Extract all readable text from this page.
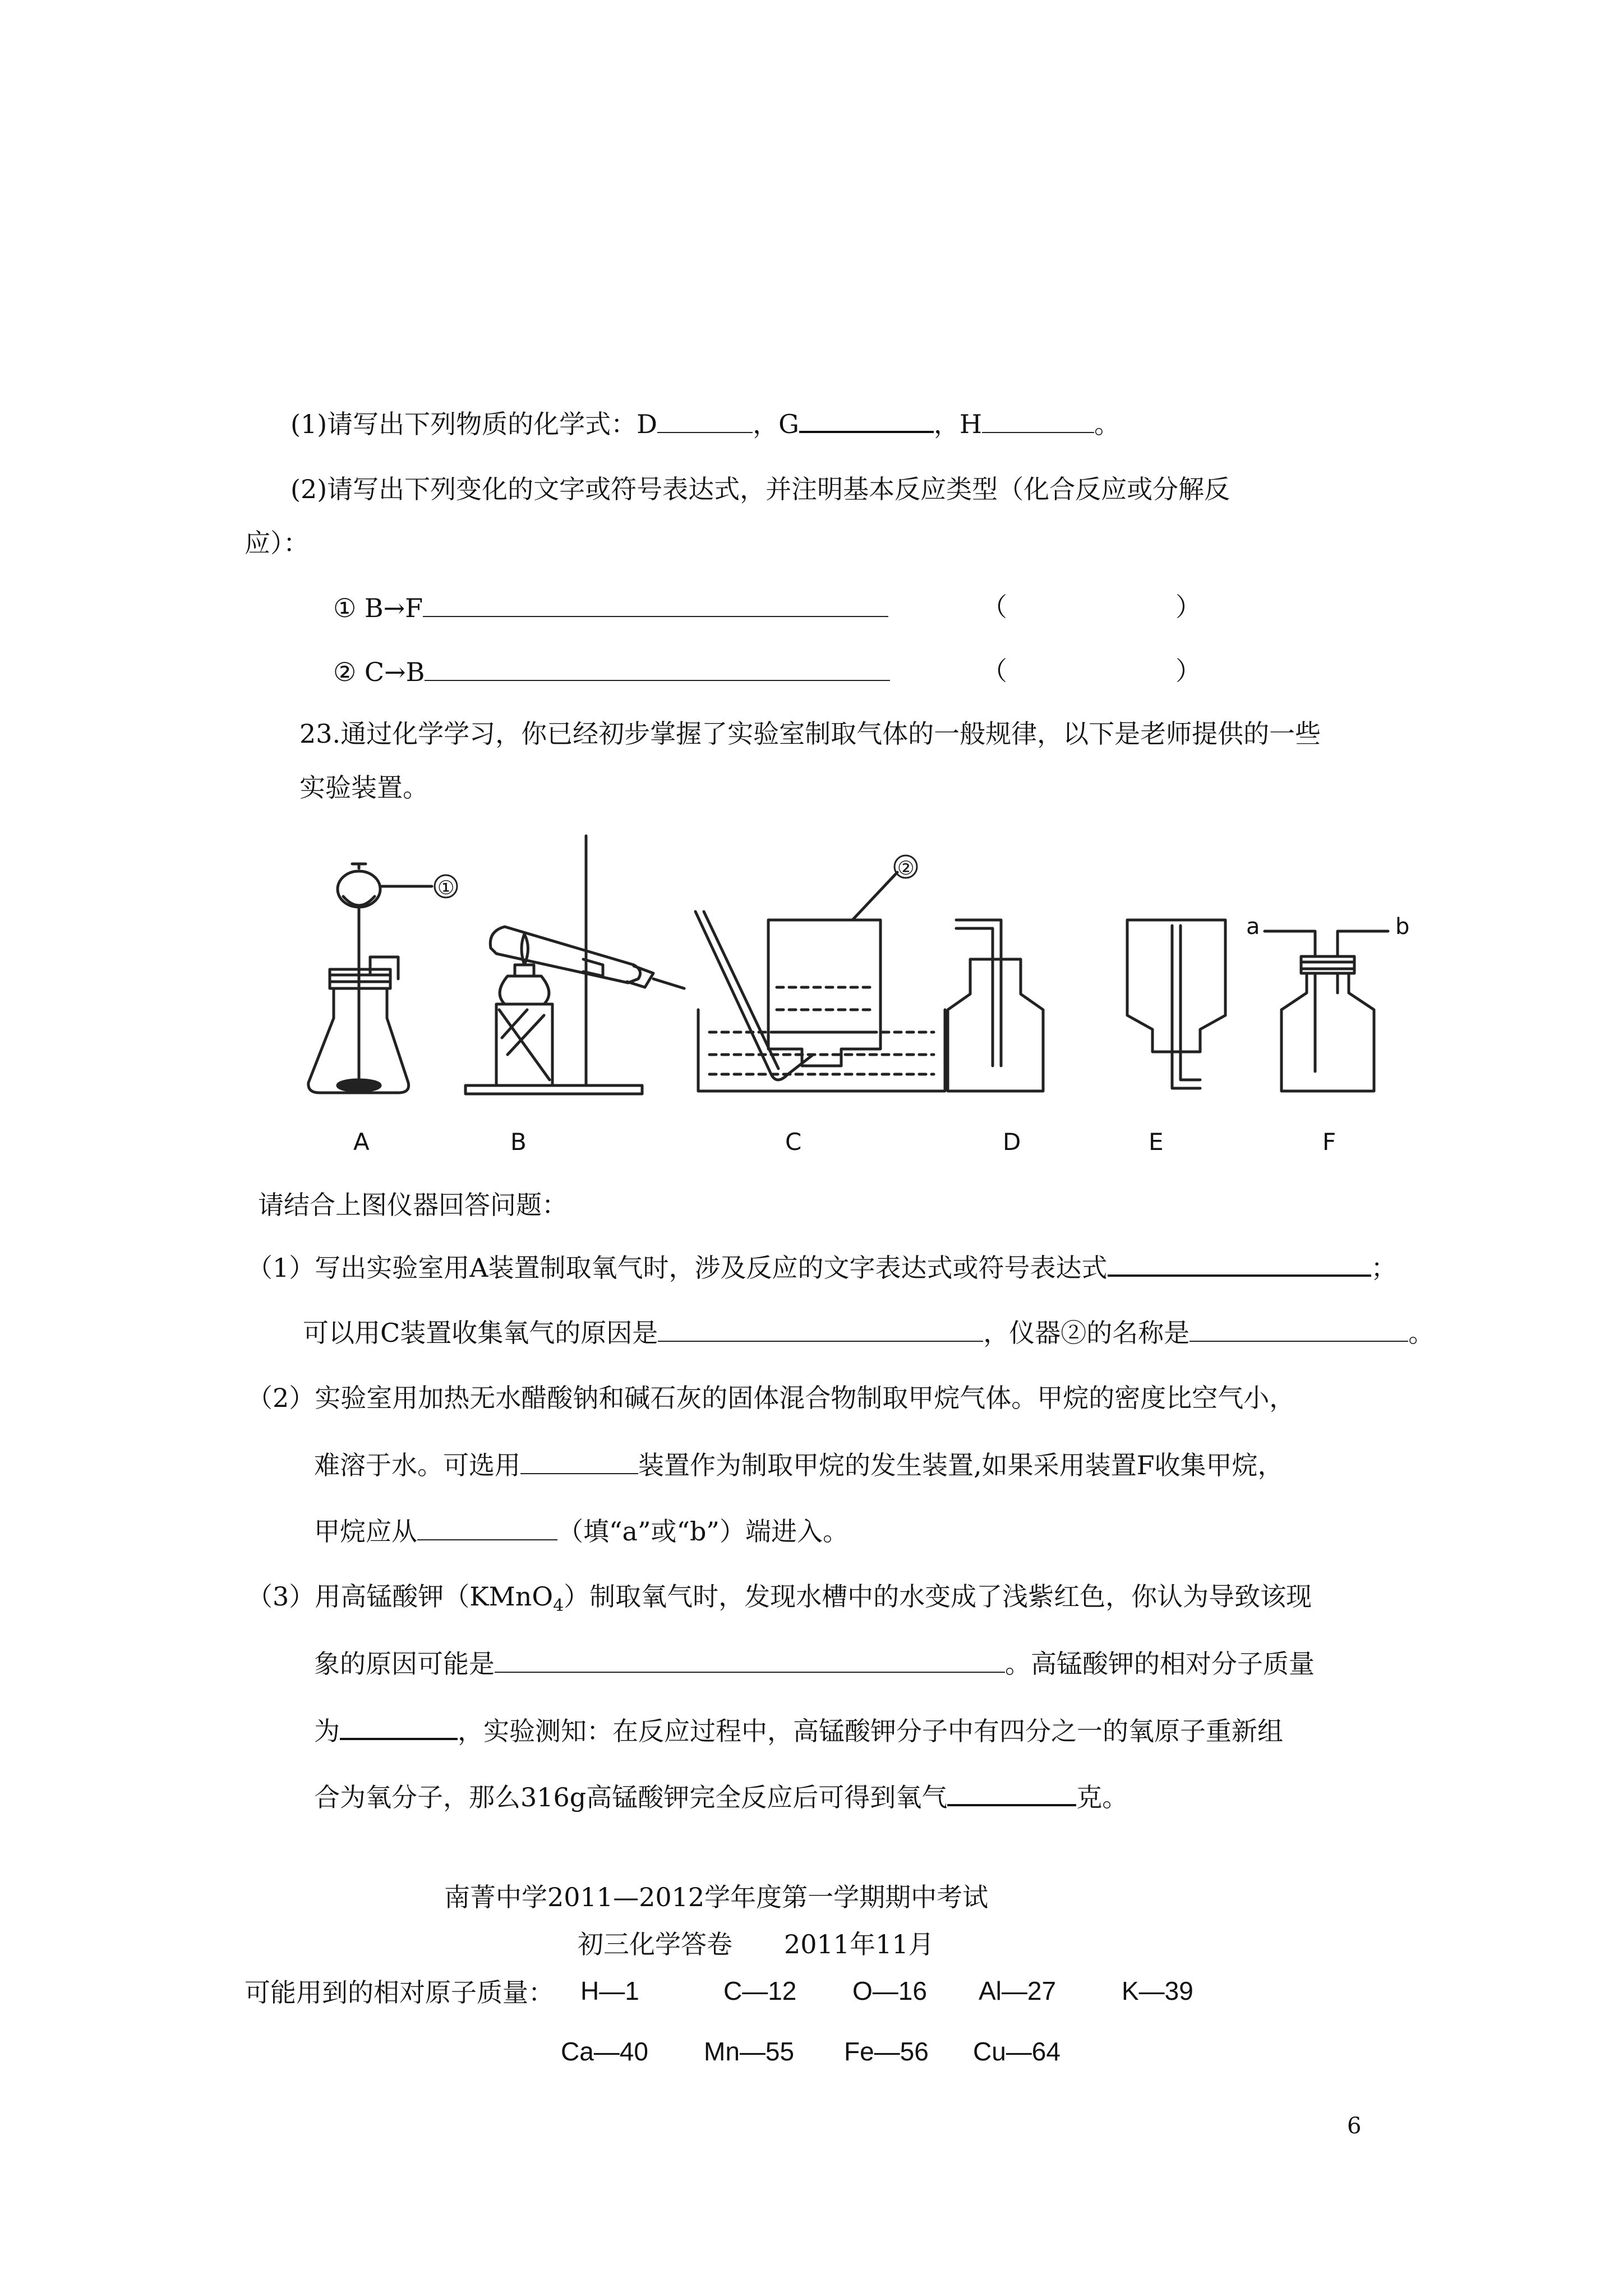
(1)请写出下列物质的化学式：D	，G	，H	。
(2)请写出下列变化的文字或符号表达式，并注明基本反应类型（化合反应或分解反
应）：
① B→F	（	）
② C→B	（	）
23.通过化学学习，你已经初步掌握了实验室制取气体的一般规律，以下是老师提供的一些
实验装置。
①
②
a	b
A	B	C	D	E	F
请结合上图仪器回答问题：
（1）写出实验室用A装置制取氧气时，涉及反应的文字表达式或符号表达式	；
可以用C装置收集氧气的原因是	，仪器②的名称是	。
（2）实验室用加热无水醋酸钠和碱石灰的固体混合物制取甲烷气体。甲烷的密度比空气小，
难溶于水。可选用	装置作为制取甲烷的发生装置,如果采用装置F收集甲烷，
甲烷应从	（填“a”或“b”）端进入。
（3）用高锰酸钾（KMnO$_4$）制取氧气时，发现水槽中的水变成了浅紫红色，你认为导致该现
象的原因可能是	。高锰酸钾的相对分子质量
为	，实验测知：在反应过程中，高锰酸钾分子中有四分之一的氧原子重新组
合为氧分子，那么316g高锰酸钾完全反应后可得到氧气	克。
南菁中学2011—2012学年度第一学期期中考试
初三化学答卷　　2011年11月
可能用到的相对原子质量： H—1	C—12 O—16 Al—27	K—39
Ca—40 Mn—55 Fe—56 Cu—64
6
